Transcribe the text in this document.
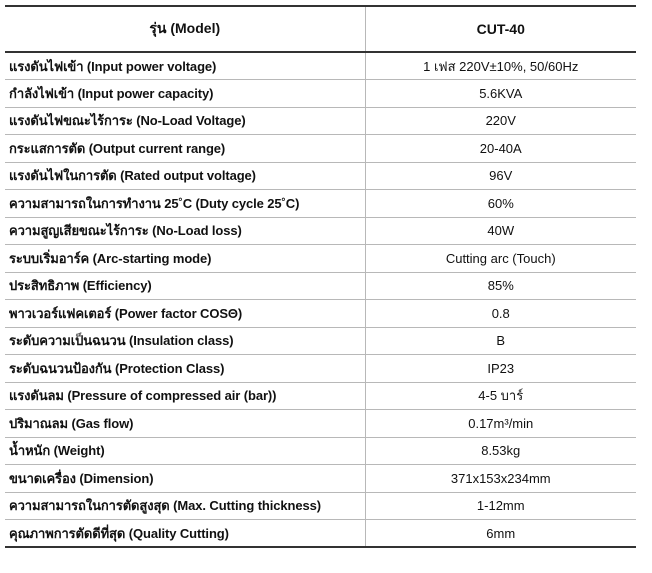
รุ่น (Model)	CUT-40
แรงดันไฟเข้า (Input power voltage)	1 เฟส 220V±10%, 50/60Hz
กำลังไฟเข้า (Input power capacity)	5.6KVA
แรงดันไฟขณะไร้การะ (No-Load Voltage)	220V
กระแสการตัด (Output current range)	20-40A
แรงดันไฟในการตัด (Rated output voltage)	96V
ความสามารถในการทำงาน 25˚C (Duty cycle 25˚C)	60%
ความสูญเสียขณะไร้การะ (No-Load loss)	40W
ระบบเริ่มอาร์ค (Arc-starting mode)	Cutting arc (Touch)
ประสิทธิภาพ (Efficiency)	85%
พาวเวอร์แฟคเตอร์ (Power factor COSΘ)	0.8
ระดับความเป็นฉนวน (Insulation class)	B
ระดับฉนวนป้องกัน (Protection Class)	IP23
แรงดันลม (Pressure of compressed air (bar))	4-5 บาร์
ปริมาณลม (Gas flow)	0.17m³/min
น้ำหนัก (Weight)	8.53kg
ขนาดเครื่อง (Dimension)	371x153x234mm
ความสามารถในการตัดสูงสุด (Max. Cutting thickness)	1-12mm
คุณภาพการตัดดีที่สุด (Quality Cutting)	6mm
